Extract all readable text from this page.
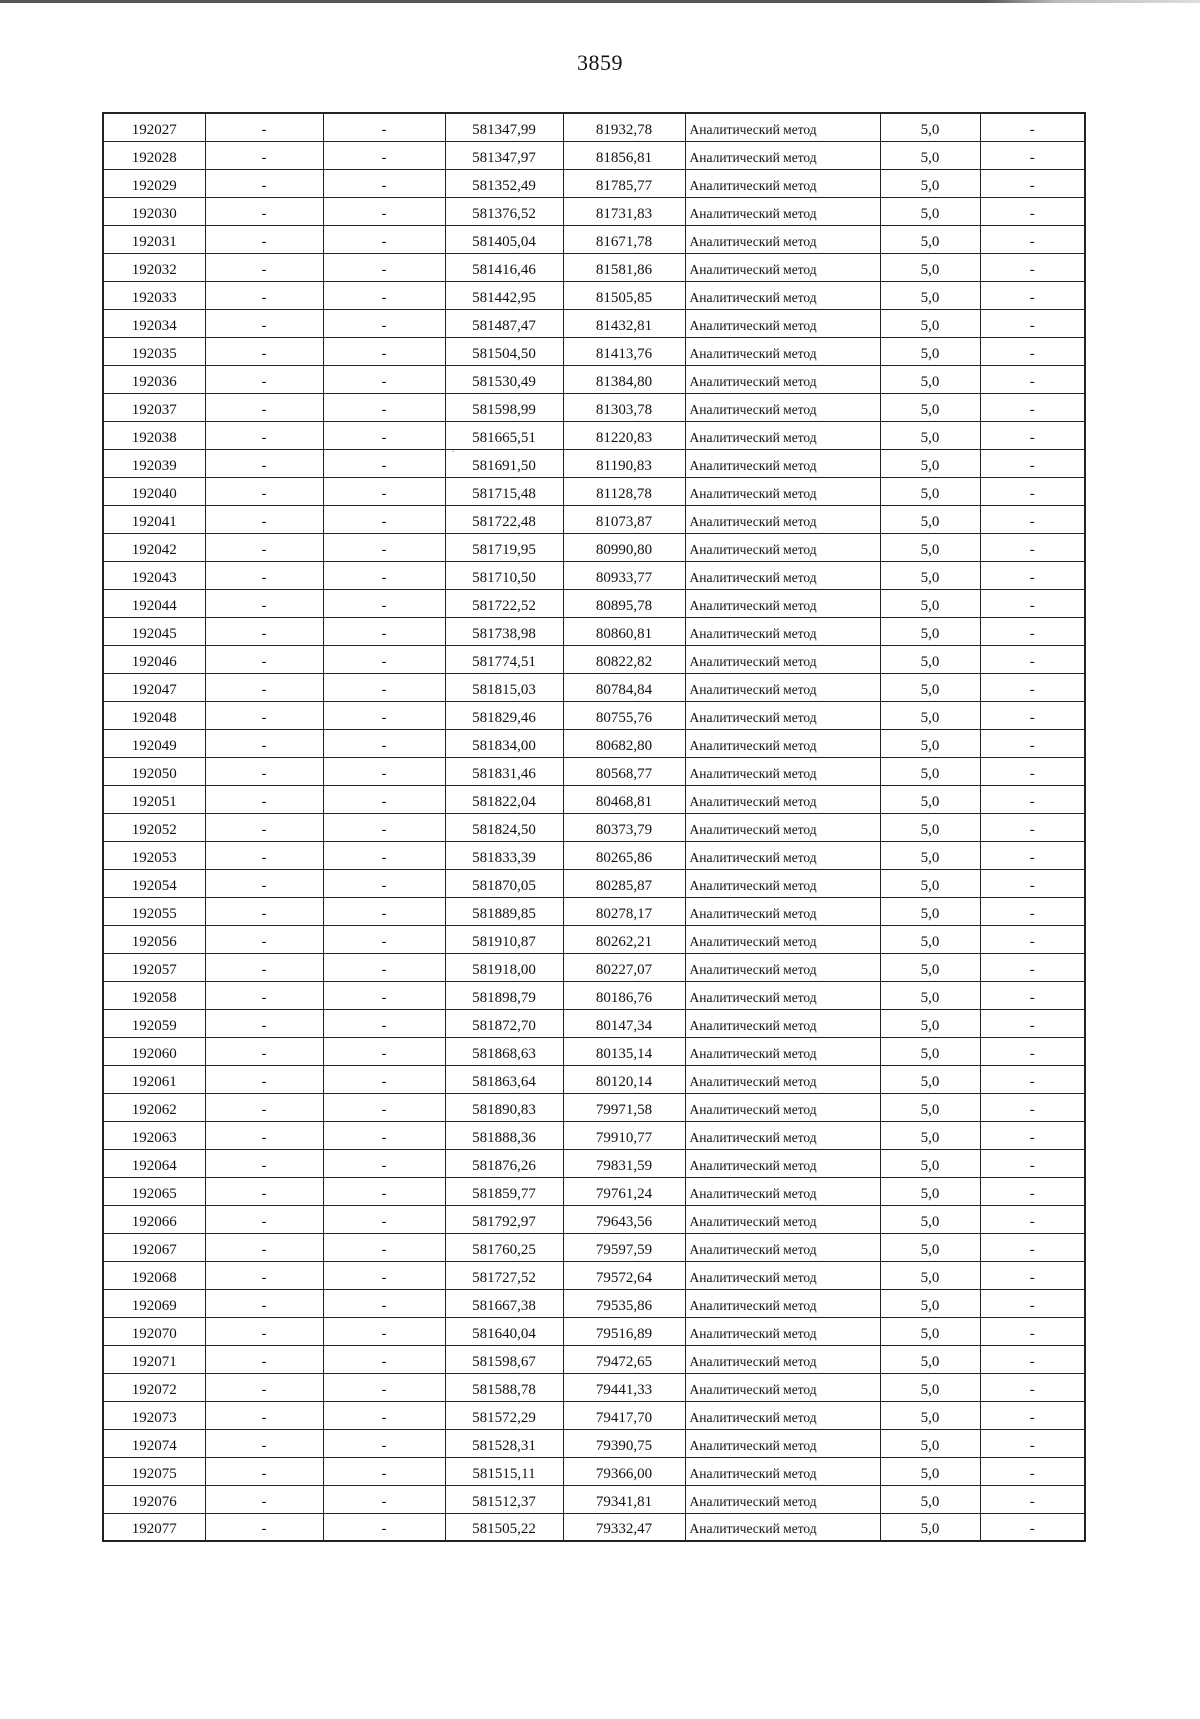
3859
192027	-	-	581347,99	81932,78	Аналитический метод	5,0	-
192028	-	-	581347,97	81856,81	Аналитический метод	5,0	-
192029	-	-	581352,49	81785,77	Аналитический метод	5,0	-
192030	-	-	581376,52	81731,83	Аналитический метод	5,0	-
192031	-	-	581405,04	81671,78	Аналитический метод	5,0	-
192032	-	-	581416,46	81581,86	Аналитический метод	5,0	-
192033	-	-	581442,95	81505,85	Аналитический метод	5,0	-
192034	-	-	581487,47	81432,81	Аналитический метод	5,0	-
192035	-	-	581504,50	81413,76	Аналитический метод	5,0	-
192036	-	-	581530,49	81384,80	Аналитический метод	5,0	-
192037	-	-	581598,99	81303,78	Аналитический метод	5,0	-
192038	-	-	581665,51	81220,83	Аналитический метод	5,0	-
192039	-	-	581691,50	81190,83	Аналитический метод	5,0	-
192040	-	-	581715,48	81128,78	Аналитический метод	5,0	-
192041	-	-	581722,48	81073,87	Аналитический метод	5,0	-
192042	-	-	581719,95	80990,80	Аналитический метод	5,0	-
192043	-	-	581710,50	80933,77	Аналитический метод	5,0	-
192044	-	-	581722,52	80895,78	Аналитический метод	5,0	-
192045	-	-	581738,98	80860,81	Аналитический метод	5,0	-
192046	-	-	581774,51	80822,82	Аналитический метод	5,0	-
192047	-	-	581815,03	80784,84	Аналитический метод	5,0	-
192048	-	-	581829,46	80755,76	Аналитический метод	5,0	-
192049	-	-	581834,00	80682,80	Аналитический метод	5,0	-
192050	-	-	581831,46	80568,77	Аналитический метод	5,0	-
192051	-	-	581822,04	80468,81	Аналитический метод	5,0	-
192052	-	-	581824,50	80373,79	Аналитический метод	5,0	-
192053	-	-	581833,39	80265,86	Аналитический метод	5,0	-
192054	-	-	581870,05	80285,87	Аналитический метод	5,0	-
192055	-	-	581889,85	80278,17	Аналитический метод	5,0	-
192056	-	-	581910,87	80262,21	Аналитический метод	5,0	-
192057	-	-	581918,00	80227,07	Аналитический метод	5,0	-
192058	-	-	581898,79	80186,76	Аналитический метод	5,0	-
192059	-	-	581872,70	80147,34	Аналитический метод	5,0	-
192060	-	-	581868,63	80135,14	Аналитический метод	5,0	-
192061	-	-	581863,64	80120,14	Аналитический метод	5,0	-
192062	-	-	581890,83	79971,58	Аналитический метод	5,0	-
192063	-	-	581888,36	79910,77	Аналитический метод	5,0	-
192064	-	-	581876,26	79831,59	Аналитический метод	5,0	-
192065	-	-	581859,77	79761,24	Аналитический метод	5,0	-
192066	-	-	581792,97	79643,56	Аналитический метод	5,0	-
192067	-	-	581760,25	79597,59	Аналитический метод	5,0	-
192068	-	-	581727,52	79572,64	Аналитический метод	5,0	-
192069	-	-	581667,38	79535,86	Аналитический метод	5,0	-
192070	-	-	581640,04	79516,89	Аналитический метод	5,0	-
192071	-	-	581598,67	79472,65	Аналитический метод	5,0	-
192072	-	-	581588,78	79441,33	Аналитический метод	5,0	-
192073	-	-	581572,29	79417,70	Аналитический метод	5,0	-
192074	-	-	581528,31	79390,75	Аналитический метод	5,0	-
192075	-	-	581515,11	79366,00	Аналитический метод	5,0	-
192076	-	-	581512,37	79341,81	Аналитический метод	5,0	-
192077	-	-	581505,22	79332,47	Аналитический метод	5,0	-
.
